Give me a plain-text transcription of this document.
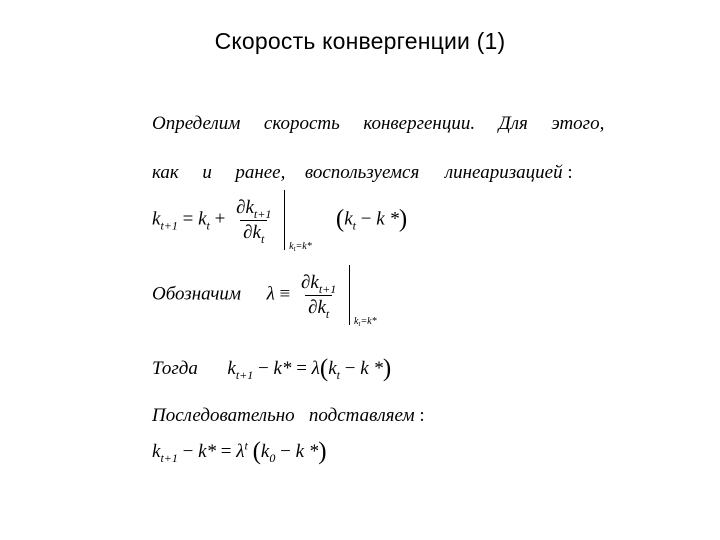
Скорость конвергенции (1)
Определим скорость конвергенции. Для этого,
как и ранее, воспользуемся линеаризацией :
$k_{t+1} = k_t + \frac{\partial k_{t+1}}{\partial k_t}$

$k_t=k*$
($k_t - k$ *)
Обозначим $\lambda \equiv \frac{\partial k_{t+1}}{\partial k_t}$

$k_t=k*$
Тогда $k_{t+1} - k* = \lambda(k_t - k$ *)
Последовательно   подставляем :
$k_{t+1} - k* = \lambda^t$ ($k_0 - k$ *)
